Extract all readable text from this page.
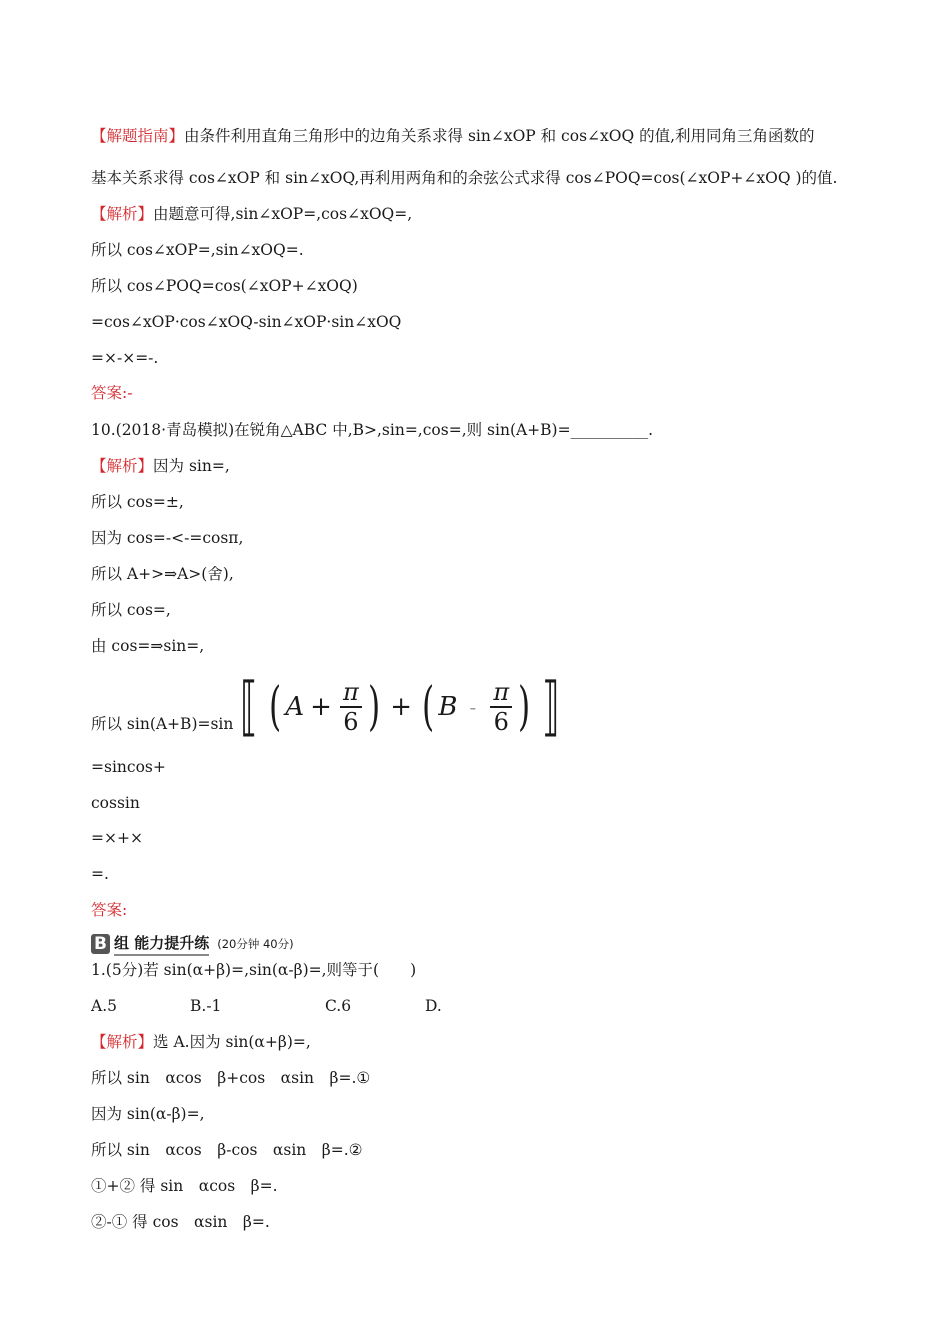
【解题指南】由条件利用直角三角形中的边角关系求得 sin∠xOP 和 cos∠xOQ 的值,利用同角三角函数的
基本关系求得 cos∠xOP 和 sin∠xOQ,再利用两角和的余弦公式求得 cos∠POQ=cos(∠xOP+∠xOQ )的值.
【解析】由题意可得,sin∠xOP=,cos∠xOQ=,
所以 cos∠xOP=,sin∠xOQ=.
所以 cos∠POQ=cos(∠xOP+∠xOQ)
=cos∠xOP·cos∠xOQ-sin∠xOP·sin∠xOQ
=×-×=-.
答案:-
10.(2018·青岛模拟)在锐角△ABC 中,B>,sin=,cos=,则 sin(A+B)=__________.
【解析】因为 sin=,
所以 cos=±,
因为 cos=-<-=cosπ,
所以 A+>⇒A>(舍),
所以 cos=,
由 cos=⇒sin=,
所以 sin(A+B)=sin ⟦ ( $A + \frac{\pi}{6}$ ) + ( B - $\frac{\pi}{6}$ ) ⟧
=sincos+
cossin
=×+×
=.
答案:
B 组 能力提升练 (20分钟 40分)
1.(5分)若 sin(α+β)=,sin(α-β)=,则等于(　　)
A.5	B.-1	C.6	D.
【解析】选 A.因为 sin(α+β)=,
所以 sin　αcos　β+cos　αsin　β=.①
因为 sin(α-β)=,
所以 sin　αcos　β-cos　αsin　β=.②
①+② 得 sin　αcos　β=.
②-① 得 cos　αsin　β=.
